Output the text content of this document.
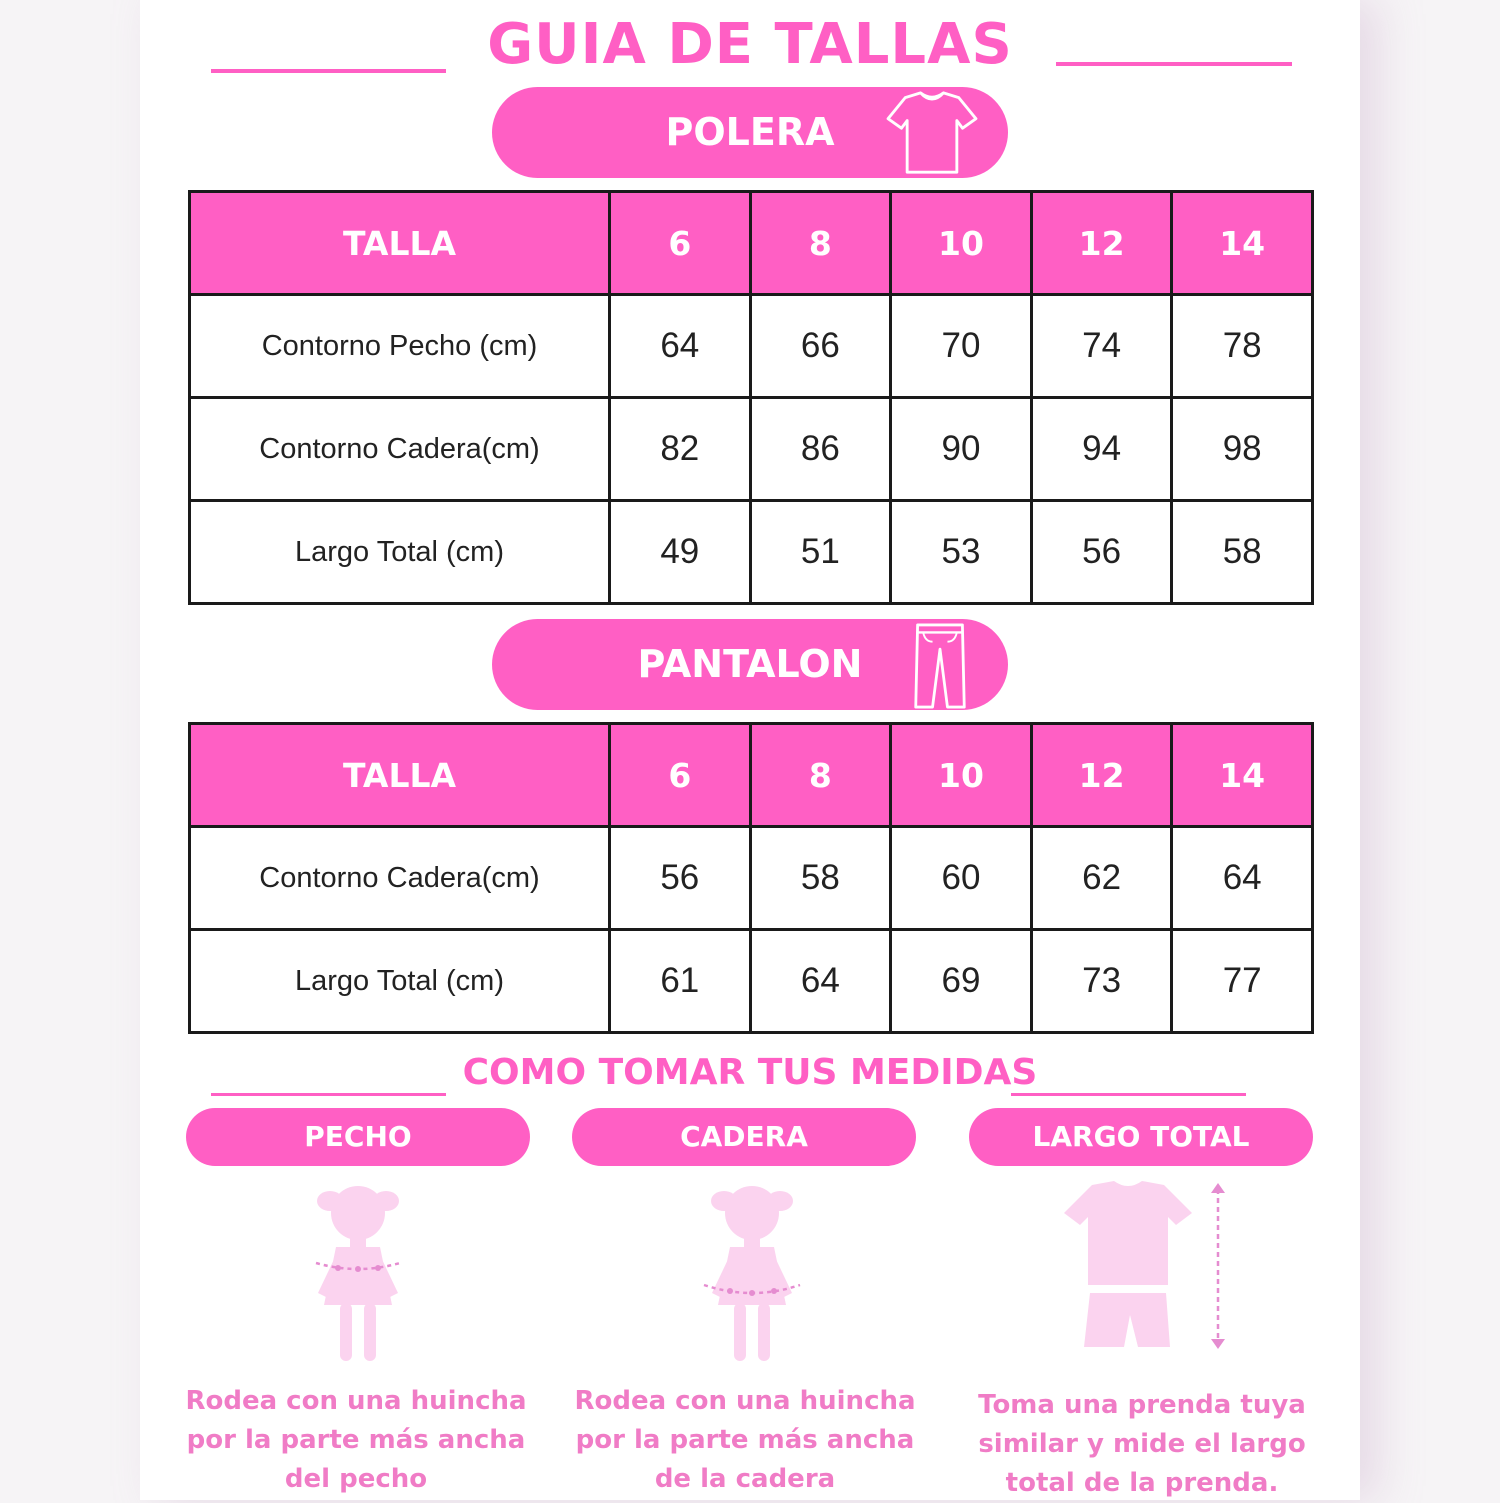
GUIA DE TALLAS
POLERA
TALLA	6	8	10	12	14
Contorno Pecho (cm)	64	66	70	74	78
Contorno Cadera(cm)	82	86	90	94	98
Largo Total (cm)	49	51	53	56	58
PANTALON
TALLA	6	8	10	12	14
Contorno Cadera(cm)	56	58	60	62	64
Largo Total (cm)	61	64	69	73	77
COMO TOMAR TUS MEDIDAS
PECHO	CADERA	LARGO TOTAL
Rodea con una huincha
por la parte más ancha
del pecho
Rodea con una huincha
por la parte más ancha
de la cadera
Toma una prenda tuya
similar y mide el largo
total de la prenda.
